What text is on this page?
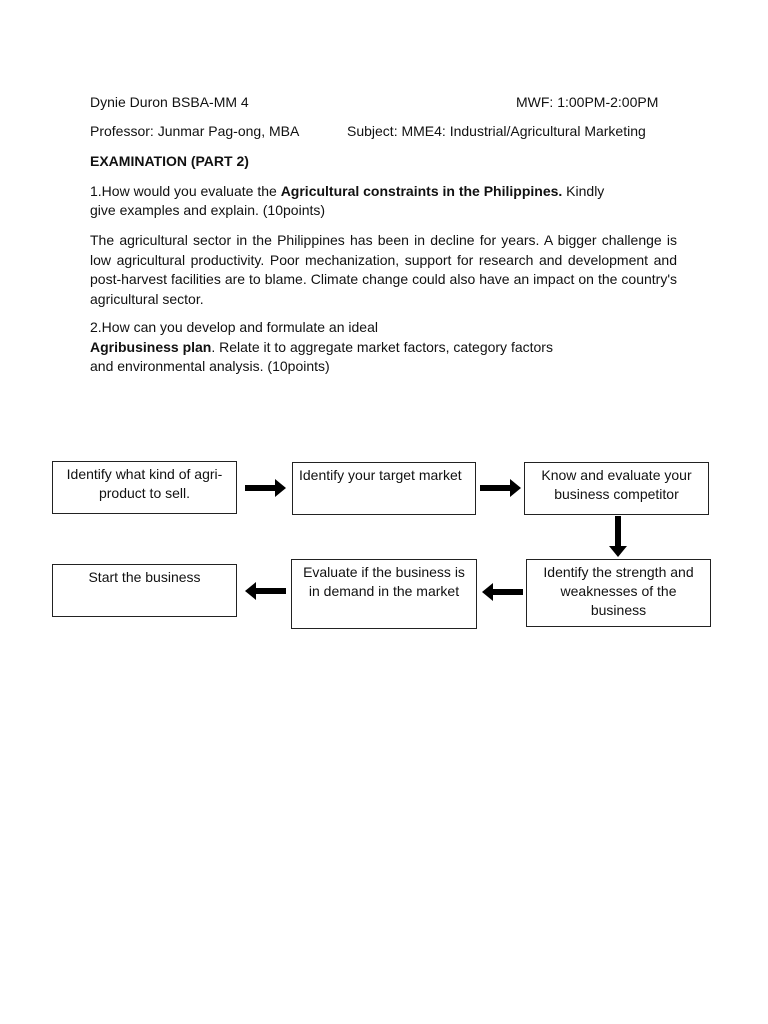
Dynie Duron BSBA-MM 4	MWF: 1:00PM-2:00PM
Professor: Junmar Pag-ong, MBA	Subject: MME4: Industrial/Agricultural Marketing
EXAMINATION (PART 2)
1.How would you evaluate the Agricultural constraints in the Philippines. Kindly
give examples and explain. (10points)
The agricultural sector in the Philippines has been in decline for years. A bigger challenge is low agricultural productivity. Poor mechanization, support for research and development and post-harvest facilities are to blame. Climate change could also have an impact on the country's agricultural sector.
2.How can you develop and formulate an ideal
Agribusiness plan. Relate it to aggregate market factors, category factors
and environmental analysis. (10points)
Identify what kind of agri-product to sell.
Identify your target market	Know and evaluate your business competitor
Identify the strength and weaknesses of the business
Evaluate if the business is in demand in the market
Start the business
